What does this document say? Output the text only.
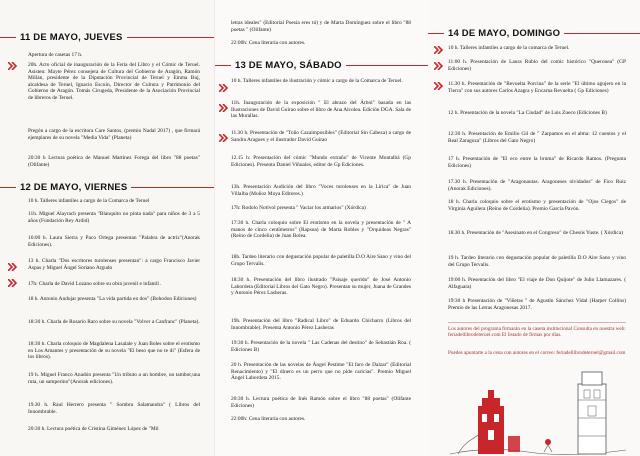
11 DE MAYO, JUEVES

Apertura de casetas 17 h.

20h. Acto oficial de inauguración de la Feria del Libro y el Cómic de Teruel. Asisten: Mayte Pérez consejera de Cultura del Gobierno de Aragón, Ramón Millán, presidente de la Diputación Provincial de Teruel y Emma Buj, alcaldesa de Teruel, Ignacio Escuín, Director de Cultura y Patrimonio del Gobierno de Aragón. Tomás Cirugeda, Presidente de la Asociación Provincial de libreros de Teruel.

Pregón a cargo de la escritora Care Santos, (premio Nadal 2017) , que firmará ejemplares de su novela "Media Vida" (Planeta)

20:30 h Lectura poética de Manuel Martínez Forega del libro "88 poetas" (Olifante)

12 DE MAYO, VIERNES

10 h. Talleres infantiles a cargo de la Comarca de Teruel

11h. Miguel Alayrach presenta "Blanquito no pinta nada" para niños de 3 a 5 años (Fundación Rey Ardid)

16:00 h. Laura Sierra y Paco Ortega presentan "Palabra de actriz"(Anorak Ediciones).

13 h. Charla "Dos escritores turolenses presentan": a cargo Francisco Javier Aspas y Miguel Ángel Soriano Argudo

17h: Charla de David Lozano sobre su obra juvenil e infantil .

18 h. Antonio Andujar presenta "La vida partida en dos" (Bohodon Ediciones)

18:30 h. Charla de Rosario Raro sobre su novela "Volver a Canfranc" (Planeta).

18:30 h. Charla coloquio de Magdalena Lasalale y Juan Boles sobre el erotismo en Los Amantes y presentación de su novela "El beso que no te di" (Esfera de los libros).

19 h. Miguel Franco Anadón presenta "Un tributo a un hombre, un tambor,una ruta, un samperino"(Anorak ediciones).

19.30 h. Raul Herrero presenta " Sombra Salamandra" ( Libros del Innombrable.

20:30 h. Lectura poética de Cristina Giménez López de "Mil

letras ideales" (Editorial Poesía eres tú) y de Marta Domínguez sobre el libro "88 poetas " (Olifante)

22:00h: Cena literaria con autores.

13 DE MAYO, SÁBADO

10 h. Talleres infantiles de ilustración y cómic a cargo de la Comarca de Teruel.

11h. Inauguración de la exposición " El abrazo del Árbol" basada en las Ilustraciones de David Guirao sobre el libro de Ana Alcolea. Edición DGA. Sala de las Murallas.

11.30 h. Presentación de "Toño Cazaimposibles" (Editorial Sin Cabeza) a cargo de Sandra Aragues y el ilustrador David Guirao

12.15 h: Presentación del cómic "Mundo extraño" de Vicente Montalbá (Gp Ediciones). Presenta Daniel Viñuales, editor de Gp Ediciones.

13h. Presentación Audición del libro "Voces turolenses en la Lírica" de Juan Villalba (Muñoz Moya Editores.)

17h: Rodolo Notivol presenta " Vaciar los armarios" (Xórdica)

17:30 h. Charla coloquio sobre El erotismo en la novela y presentación de " A manos de cinco centímetros" (Rapsoa) de Marta Robles y "Orquídeas Negras" (Reino de Cordelia) de Juan Bolea.

18h. Tardeo literario con degustación popular de paletilla D.O Aire Sano y vino del Grupo Tervalis.

18:30 h. Presentación del libro ilustrado "Paisaje querido" de José Antonio Labordeta (Editorial Libros del Gato Negro). Presentan su mujer, Juana de Grandes y Antonio Pérez Lasheras.

19h. Presentación del libro "Radical Libro" de Eduardo Chicharro (Libros del Innombrable). Presenta Antonio Pérez Lasheras

19:30 h. Presentación de la novela " Las Cadenas del destino" de Sebastián Roa. ( Ediciones B)

20 h. Presentación de las novelas de Ángel Pestime "El faro de Dalzar" (Editorial Renacimiento) y "El dinero es un perro que no pide caricias". Premio Miguel Ángel Labordeta 2015.

20:30 h. Lectura poética de Inés Ramón sobre el libro "88 poetas" (Olifante Ediciones)

22:00h: Cena literaria con autores.

14 DE MAYO, DOMINGO

10 h. Talleres infantiles a cargo de la comarca de Teruel.

11:00 h. Presentación de Laura Rubio del comic histórico "Queronea" (GP Ediciones)

11.30 h. Presentación de "Revuelta Porcina" de la serie "El último agujero en la Tierra" con sus autores Carlos Azagra y Encarna Revuelta ( Gp Ediciones)

12 h. Presentación de la novela "La Ciudad" de Luis Zueco (Ediciones B)

12:30 h. Presentación de Emilio Gil de " Zarpamos en el alma: 12 cuentos y el Real Zaragoza" (Libros del Gato Negro)

17 h. Presentación de "El eco entre la bruma" de Ricardo Ramos. (Pregunta Ediciones)

17.30 h. Presentación de "Aragonautas. Aragoneses olvidados" de Fico Ruiz (Anorak Ediciones).

18 h. Charla coloquio sobre el erotismo y presentación de "Ojos Ciegos" de Virginia Aguilera (Reino de Cordelia). Premio García Pavón.

18.30 h. Presentación de "Asesinato en el Congreso" de Chesús Yuste. ( Xórdica)

19 h. Tardeo literario con degustación popular de paletilla D.O Aire Sano y vino del Grupo Tervalis.

19:00 h. Presentación del libro "El viaje de Don Quijote" de Julio Llamazares. ( Alfaguara)

19:30 h Presentación de "Viñetas " de Agustín Sánchez Vidal (Harper Collins) Premio de las Letras Aragonesas 2017.

Los autores del programa firmarán en la caseta institucional Consulta en nuestra web: feriadellibrodeteruel.com El listado de firmas por días.

Puedes apuntarte a la cena con autores en el correo: feriadellibrodeteruel@gmail.com
